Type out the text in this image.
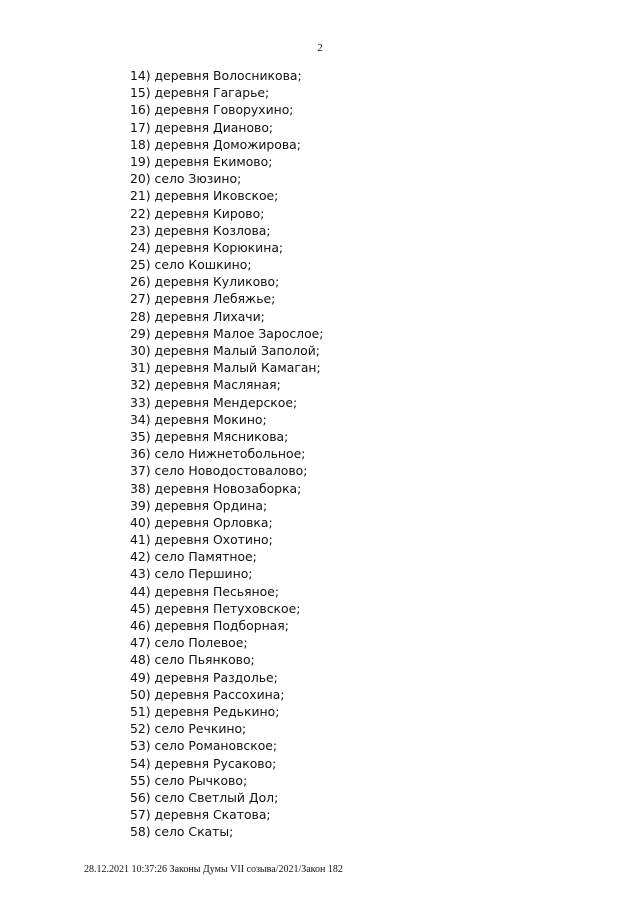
2
14) деревня Волосникова;
15) деревня Гагарье;
16) деревня Говорухино;
17) деревня Дианово;
18) деревня Доможирова;
19) деревня Екимово;
20) село Зюзино;
21) деревня Иковское;
22) деревня Кирово;
23) деревня Козлова;
24) деревня Корюкина;
25) село Кошкино;
26) деревня Куликово;
27) деревня Лебяжье;
28) деревня Лихачи;
29) деревня Малое Зарослое;
30) деревня Малый Заполой;
31) деревня Малый Камаган;
32) деревня Масляная;
33) деревня Мендерское;
34) деревня Мокино;
35) деревня Мясникова;
36) село Нижнетобольное;
37) село Новодостовалово;
38) деревня Новозаборка;
39) деревня Ордина;
40) деревня Орловка;
41) деревня Охотино;
42) село Памятное;
43) село Першино;
44) деревня Песьяное;
45) деревня Петуховское;
46) деревня Подборная;
47) село Полевое;
48) село Пьянково;
49) деревня Раздолье;
50) деревня Рассохина;
51) деревня Редькино;
52) село Речкино;
53) село Романовское;
54) деревня Русаково;
55) село Рычково;
56) село Светлый Дол;
57) деревня Скатова;
58) село Скаты;
28.12.2021 10:37:26 Законы Думы VII созыва/2021/Закон 182
